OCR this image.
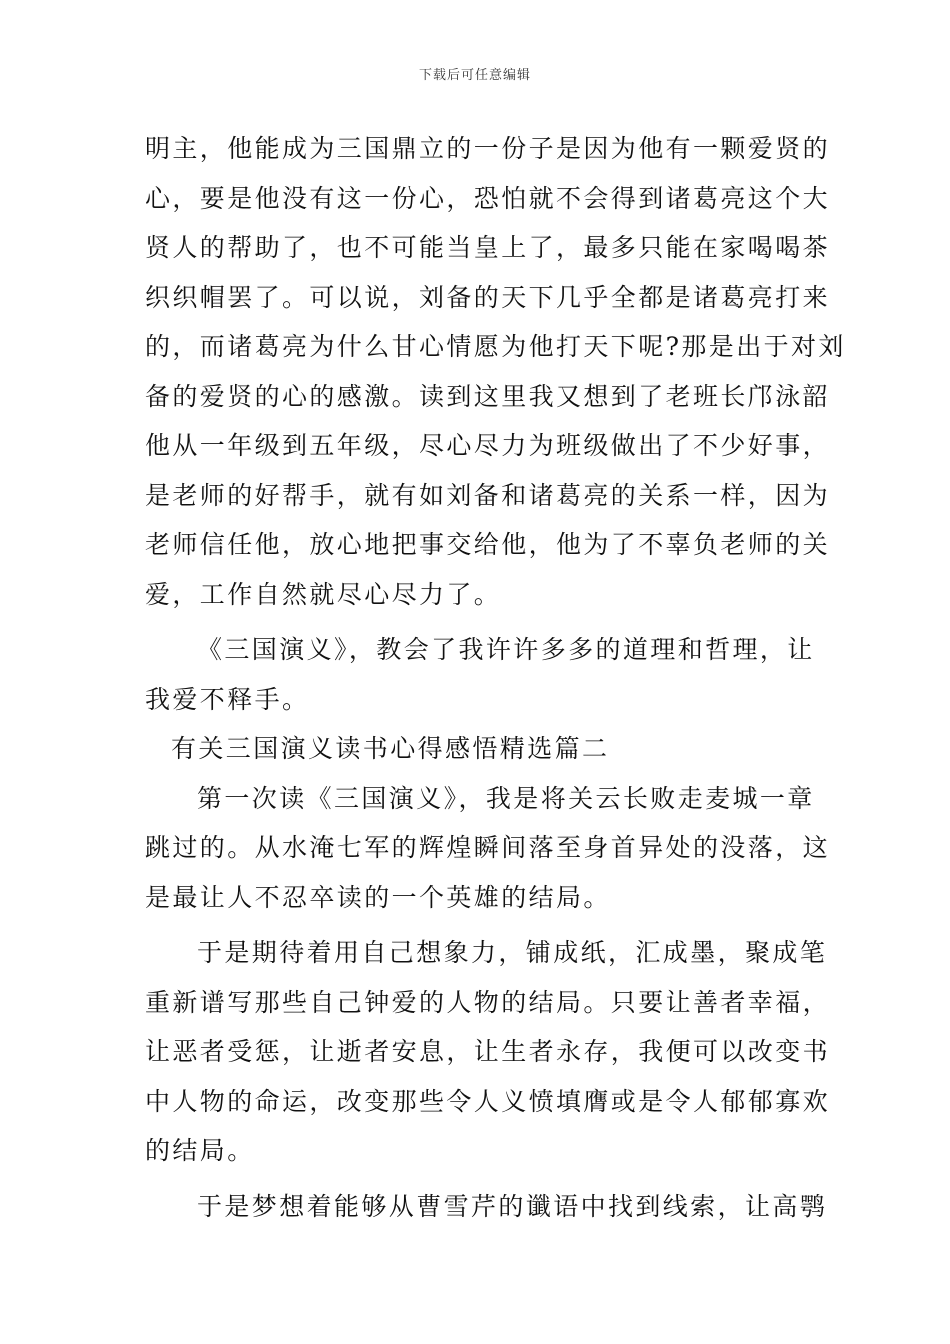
下载后可任意编辑
明主，他能成为三国鼎立的一份子是因为他有一颗爱贤的
心，要是他没有这一份心，恐怕就不会得到诸葛亮这个大
贤人的帮助了，也不可能当皇上了，最多只能在家喝喝茶
织织帽罢了。可以说，刘备的天下几乎全都是诸葛亮打来
的，而诸葛亮为什么甘心情愿为他打天下呢?那是出于对刘
备的爱贤的心的感激。读到这里我又想到了老班长邝泳韶
他从一年级到五年级，尽心尽力为班级做出了不少好事，
是老师的好帮手，就有如刘备和诸葛亮的关系一样，因为
老师信任他，放心地把事交给他，他为了不辜负老师的关
爱，工作自然就尽心尽力了。
《三国演义》，教会了我许许多多的道理和哲理，让
我爱不释手。
有关三国演义读书心得感悟精选篇二
第一次读《三国演义》，我是将关云长败走麦城一章
跳过的。从水淹七军的辉煌瞬间落至身首异处的没落，这
是最让人不忍卒读的一个英雄的结局。
于是期待着用自己想象力，铺成纸，汇成墨，聚成笔
重新谱写那些自己钟爱的人物的结局。只要让善者幸福，
让恶者受惩，让逝者安息，让生者永存，我便可以改变书
中人物的命运，改变那些令人义愤填膺或是令人郁郁寡欢
的结局。
于是梦想着能够从曹雪芹的谶语中找到线索，让高鹗
